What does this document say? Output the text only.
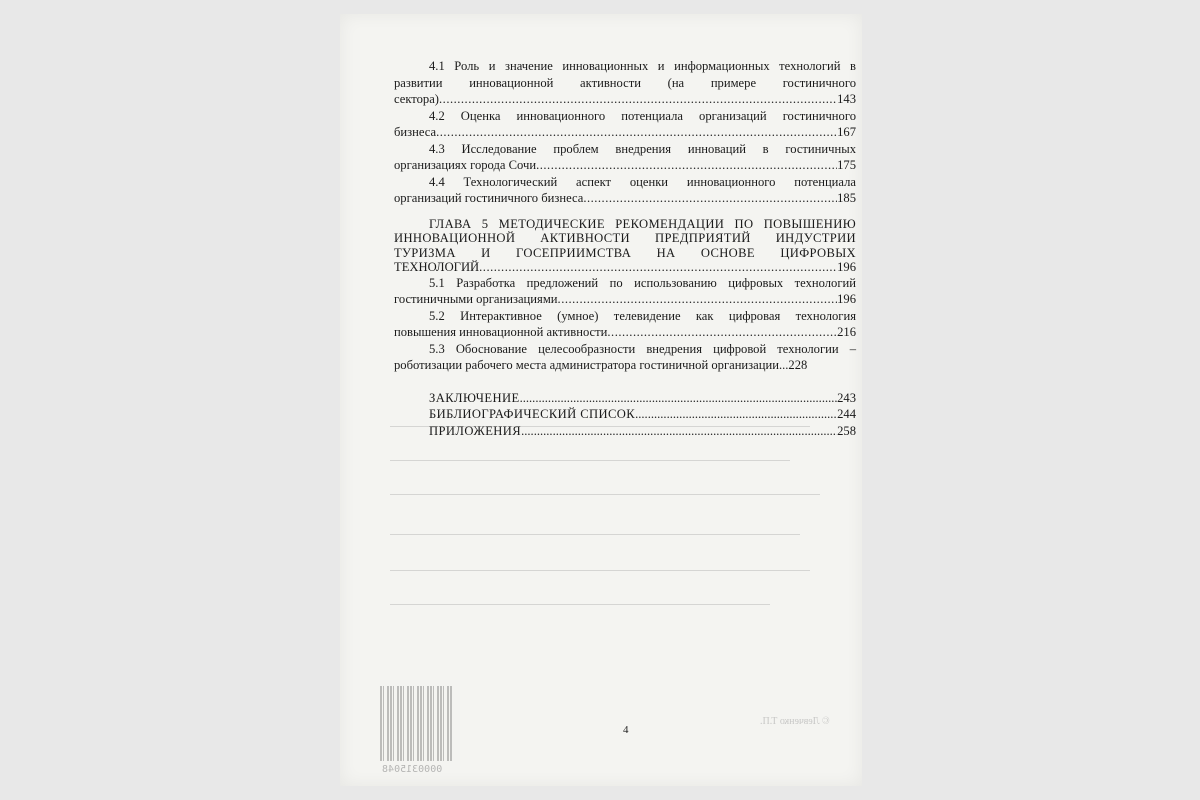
4.1 Роль и значение инновационных и информационных технологий в
развитии инновационной активности (на примере гостиничного
сектора) .....	143
4.2 Оценка инновационного потенциала организаций гостиничного
бизнеса .....	167
4.3 Исследование проблем внедрения инноваций в гостиничных
организациях города Сочи .....	175
4.4 Технологический аспект оценки инновационного потенциала
организаций гостиничного бизнеса .....	185
ГЛАВА 5 МЕТОДИЧЕСКИЕ РЕКОМЕНДАЦИИ ПО ПОВЫШЕНИЮ
ИННОВАЦИОННОЙ АКТИВНОСТИ ПРЕДПРИЯТИЙ ИНДУСТРИИ
ТУРИЗМА И ГОСЕПРИИМСТВА НА ОСНОВЕ ЦИФРОВЫХ
ТЕХНОЛОГИЙ .....	196
5.1 Разработка предложений по использованию цифровых технологий
гостиничными организациями .....	196
5.2 Интерактивное (умное) телевидение как цифровая технология
повышения инновационной активности .....	216
5.3 Обоснование целесообразности внедрения цифровой технологии –
роботизации рабочего места администратора гостиничной организации... 228
ЗАКЛЮЧЕНИЕ .....	243
БИБЛИОГРАФИЧЕСКИЙ СПИСОК .....	244
ПРИЛОЖЕНИЯ .....	258
0000315048
© Левченко Т.П.
4
